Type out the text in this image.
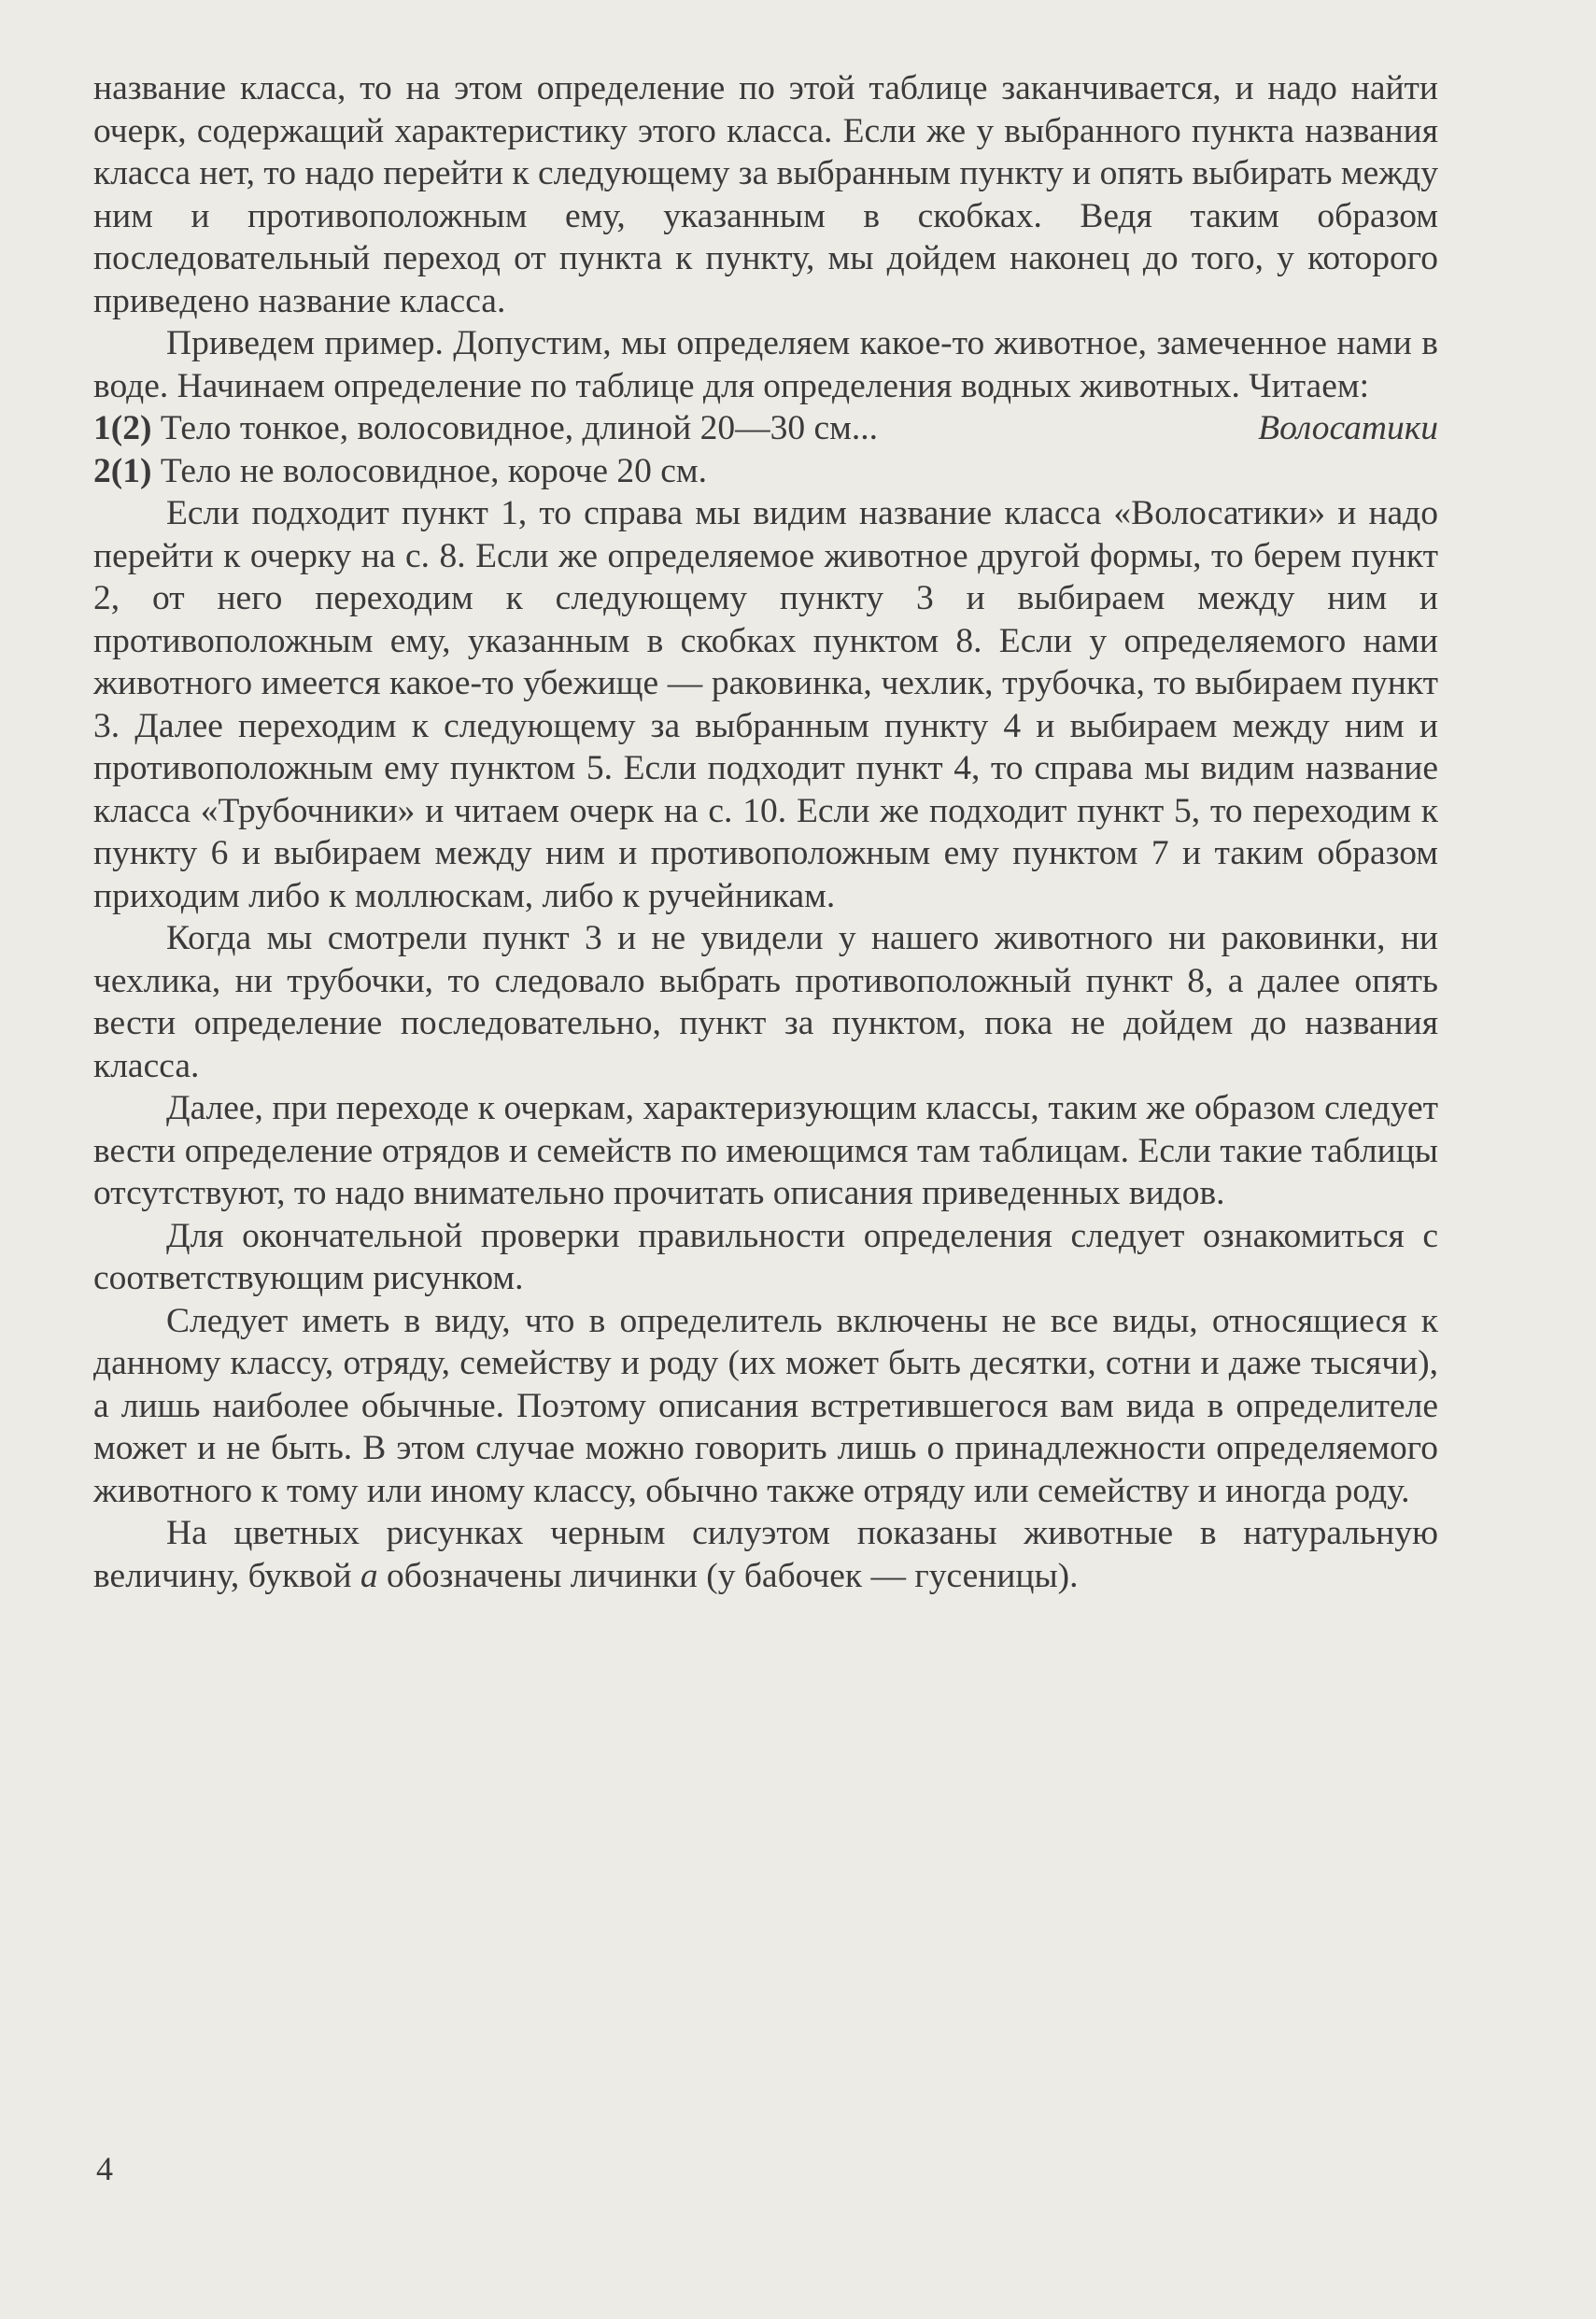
название класса, то на этом определение по этой таблице заканчивается, и надо найти очерк, содержащий характеристику этого класса. Если же у выбранного пункта названия класса нет, то надо перейти к следующему за выбранным пункту и опять выбирать между ним и противоположным ему, указанным в скобках. Ведя таким образом последовательный переход от пункта к пункту, мы дойдем наконец до того, у которого приведено название класса.

Приведем пример. Допустим, мы определяем какое-то животное, замеченное нами в воде. Начинаем определение по таблице для определения водных животных. Читаем:

1(2) Тело тонкое, волосовидное, длиной 20—30 см...	Волосатики
2(1) Тело не волосовидное, короче 20 см.

Если подходит пункт 1, то справа мы видим название класса «Волосатики» и надо перейти к очерку на с. 8. Если же определяемое животное другой формы, то берем пункт 2, от него переходим к следующему пункту 3 и выбираем между ним и противоположным ему, указанным в скобках пунктом 8. Если у определяемого нами животного имеется какое-то убежище — раковинка, чехлик, трубочка, то выбираем пункт 3. Далее переходим к следующему за выбранным пункту 4 и выбираем между ним и противоположным ему пунктом 5. Если подходит пункт 4, то справа мы видим название класса «Трубочники» и читаем очерк на с. 10. Если же подходит пункт 5, то переходим к пункту 6 и выбираем между ним и противоположным ему пунктом 7 и таким образом приходим либо к моллюскам, либо к ручейникам.

Когда мы смотрели пункт 3 и не увидели у нашего животного ни раковинки, ни чехлика, ни трубочки, то следовало выбрать противоположный пункт 8, а далее опять вести определение последовательно, пункт за пунктом, пока не дойдем до названия класса.

Далее, при переходе к очеркам, характеризующим классы, таким же образом следует вести определение отрядов и семейств по имеющимся там таблицам. Если такие таблицы отсутствуют, то надо внимательно прочитать описания приведенных видов.

Для окончательной проверки правильности определения следует ознакомиться с соответствующим рисунком.

Следует иметь в виду, что в определитель включены не все виды, относящиеся к данному классу, отряду, семейству и роду (их может быть десятки, сотни и даже тысячи), а лишь наиболее обычные. Поэтому описания встретившегося вам вида в определителе может и не быть. В этом случае можно говорить лишь о принадлежности определяемого животного к тому или иному классу, обычно также отряду или семейству и иногда роду.

На цветных рисунках черным силуэтом показаны животные в натуральную величину, буквой а обозначены личинки (у бабочек — гусеницы).

4
